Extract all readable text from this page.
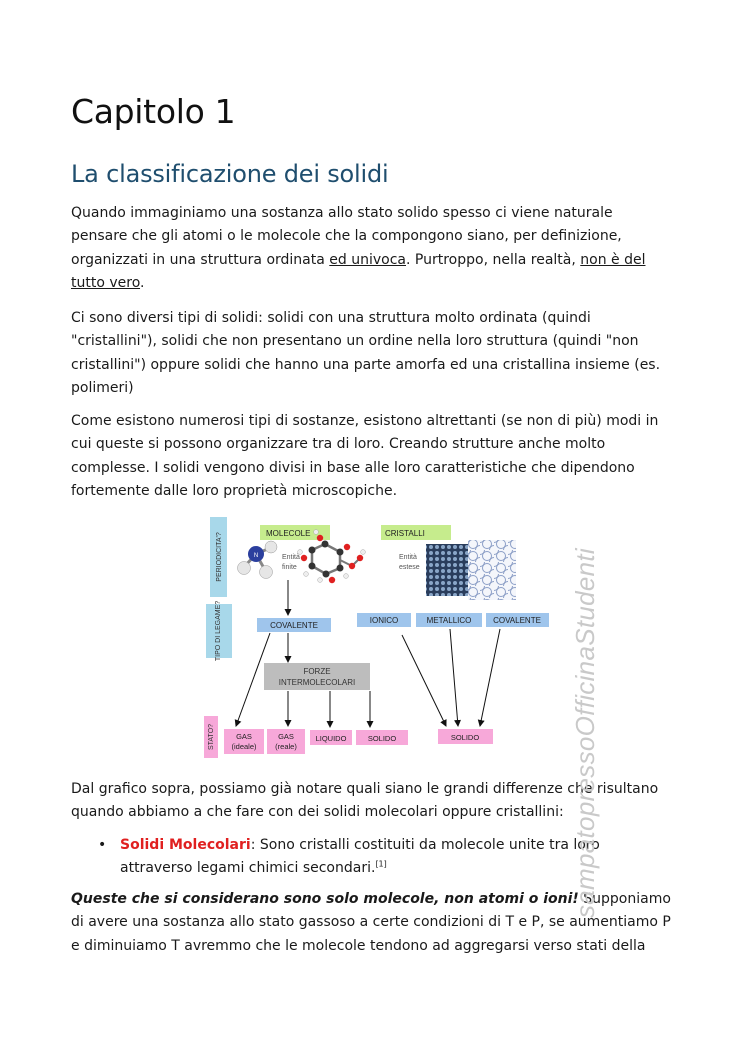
Capitolo 1
La classificazione dei solidi

Quando immaginiamo una sostanza allo stato solido spesso ci viene naturale pensare che gli atomi o le molecole che la compongono siano, per definizione, organizzati in una struttura ordinata ed univoca. Purtroppo, nella realtà, non è del tutto vero.

Ci sono diversi tipi di solidi: solidi con una struttura molto ordinata (quindi "cristallini"), solidi che non presentano un ordine nella loro struttura (quindi "non cristallini") oppure solidi che hanno una parte amorfa ed una cristallina insieme (es. polimeri)

Come esistono numerosi tipi di sostanze, esistono altrettanti (se non di più) modi in cui queste si possono organizzare tra di loro. Creando strutture anche molto complesse. I solidi vengono divisi in base alle loro caratteristiche che dipendono fortemente dalle loro proprietà microscopiche.

PERIODICITA'?
TIPO DI LEGAME?
STATO?
MOLECOLE
N	Entità
finite
CRISTALLI
Entità
estese
COVALENTE
IONICO	METALLICO	COVALENTE
FORZE
INTERMOLECOLARI
GAS
(ideale)
GAS
(reale)
LIQUIDO	SOLIDO	SOLIDO

Dal grafico sopra, possiamo già notare quali siano le grandi differenze che risultano quando abbiamo a che fare con dei solidi molecolari oppure cristallini:

• Solidi Molecolari: Sono cristalli costituiti da molecole unite tra loro attraverso legami chimici secondari.[1]

Queste che si considerano sono solo molecole, non atomi o ioni! Supponiamo di avere una sostanza allo stato gassoso a certe condizioni di T e P, se aumentiamo P e diminuiamo T avremmo che le molecole tendono ad aggregarsi verso stati della

sampatopressoOfficinaStudenti
